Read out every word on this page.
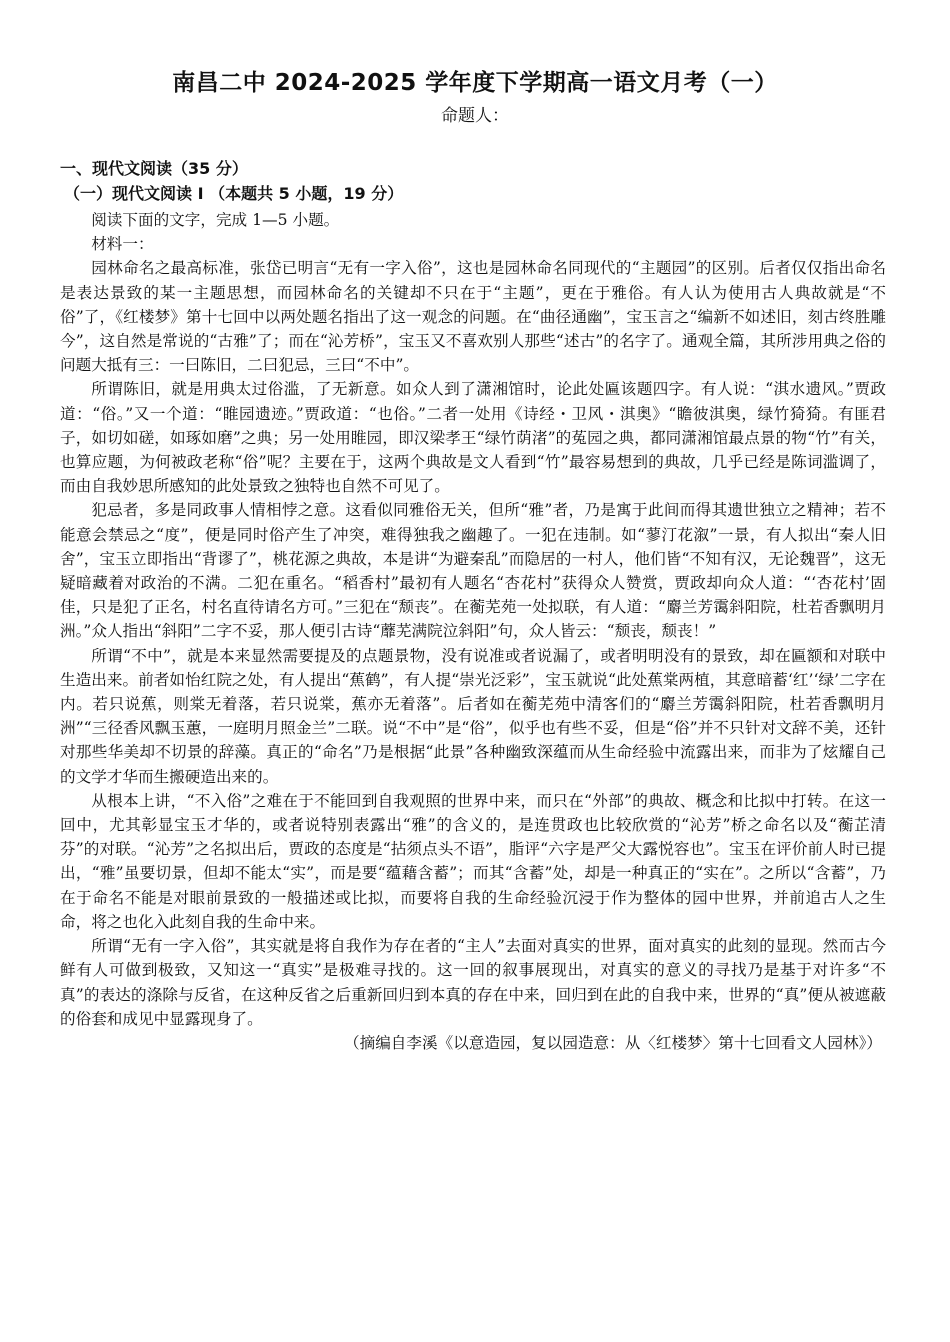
南昌二中 2024-2025 学年度下学期高一语文月考（一）
命题人：
一、现代文阅读（35 分）
（一）现代文阅读 I （本题共 5 小题，19 分）

阅读下面的文字，完成 1—5 小题。

材料一：

园林命名之最高标准，张岱已明言“无有一字入俗”，这也是园林命名同现代的“主题园”的区别。后者仅仅指出命名是表达景致的某一主题思想，而园林命名的关键却不只在于“主题”，更在于雅俗。有人认为使用古人典故就是“不俗”了，《红楼梦》第十七回中以两处题名指出了这一观念的问题。在“曲径通幽”，宝玉言之“编新不如述旧，刻古终胜雕今”，这自然是常说的“古雅”了；而在“沁芳桥”，宝玉又不喜欢别人那些“述古”的名字了。通观全篇，其所涉用典之俗的问题大抵有三：一曰陈旧，二曰犯忌，三曰“不中”。

所谓陈旧，就是用典太过俗滥，了无新意。如众人到了潇湘馆时，论此处匾该题四字。有人说：“淇水遗风。”贾政道：“俗。”又一个道：“睢园遗迹。”贾政道：“也俗。”二者一处用《诗经・卫风・淇奥》“瞻彼淇奥，绿竹猗猗。有匪君子，如切如磋，如琢如磨”之典；另一处用睢园，即汉梁孝王“绿竹荫渚”的菟园之典，都同潇湘馆最点景的物“竹”有关，也算应题，为何被政老称“俗”呢？主要在于，这两个典故是文人看到“竹”最容易想到的典故，几乎已经是陈词滥调了，而由自我妙思所感知的此处景致之独特也自然不可见了。

犯忌者，多是同政事人情相悖之意。这看似同雅俗无关，但所“雅”者，乃是寓于此间而得其遗世独立之精神；若不能意会禁忌之“度”，便是同时俗产生了冲突，难得独我之幽趣了。一犯在违制。如“蓼汀花溆”一景，有人拟出“秦人旧舍”，宝玉立即指出“背谬了”，桃花源之典故，本是讲“为避秦乱”而隐居的一村人，他们皆“不知有汉，无论魏晋”，这无疑暗藏着对政治的不满。二犯在重名。“稻香村”最初有人题名“杏花村”获得众人赞赏，贾政却向众人道：“‘杏花村’固佳，只是犯了正名，村名直待请名方可。”三犯在“颓丧”。在蘅芜苑一处拟联，有人道：“麝兰芳霭斜阳院，杜若香飘明月洲。”众人指出“斜阳”二字不妥，那人便引古诗“蘼芜满院泣斜阳”句，众人皆云：“颓丧，颓丧！”

所谓“不中”，就是本来显然需要提及的点题景物，没有说准或者说漏了，或者明明没有的景致，却在匾额和对联中生造出来。前者如怡红院之处，有人提出“蕉鹤”，有人提“崇光泛彩”，宝玉就说“此处蕉棠两植，其意暗蓄‘红’‘绿’二字在内。若只说蕉，则棠无着落，若只说棠，蕉亦无着落”。后者如在蘅芜苑中清客们的“麝兰芳霭斜阳院，杜若香飘明月洲”“三径香风飘玉蕙，一庭明月照金兰”二联。说“不中”是“俗”，似乎也有些不妥，但是“俗”并不只针对文辞不美，还针对那些华美却不切景的辞藻。真正的“命名”乃是根据“此景”各种幽致深蕴而从生命经验中流露出来，而非为了炫耀自己的文学才华而生搬硬造出来的。

从根本上讲，“不入俗”之难在于不能回到自我观照的世界中来，而只在“外部”的典故、概念和比拟中打转。在这一回中，尤其彰显宝玉才华的，或者说特别表露出“雅”的含义的，是连贯政也比较欣赏的“沁芳”桥之命名以及“蘅芷清芬”的对联。“沁芳”之名拟出后，贾政的态度是“拈须点头不语”，脂评“六字是严父大露悦容也”。宝玉在评价前人时已提出，“雅”虽要切景，但却不能太“实”，而是要“蕴藉含蓄”；而其“含蓄”处，却是一种真正的“实在”。之所以“含蓄”，乃在于命名不能是对眼前景致的一般描述或比拟，而要将自我的生命经验沉浸于作为整体的园中世界，并前追古人之生命，将之也化入此刻自我的生命中来。

所谓“无有一字入俗”，其实就是将自我作为存在者的“主人”去面对真实的世界，面对真实的此刻的显现。然而古今鲜有人可做到极致，又知这一“真实”是极难寻找的。这一回的叙事展现出，对真实的意义的寻找乃是基于对许多“不真”的表达的涤除与反省，在这种反省之后重新回归到本真的存在中来，回归到在此的自我中来，世界的“真”便从被遮蔽的俗套和成见中显露现身了。

（摘编自李溪《以意造园，复以园造意：从〈红楼梦〉第十七回看文人园林》）
